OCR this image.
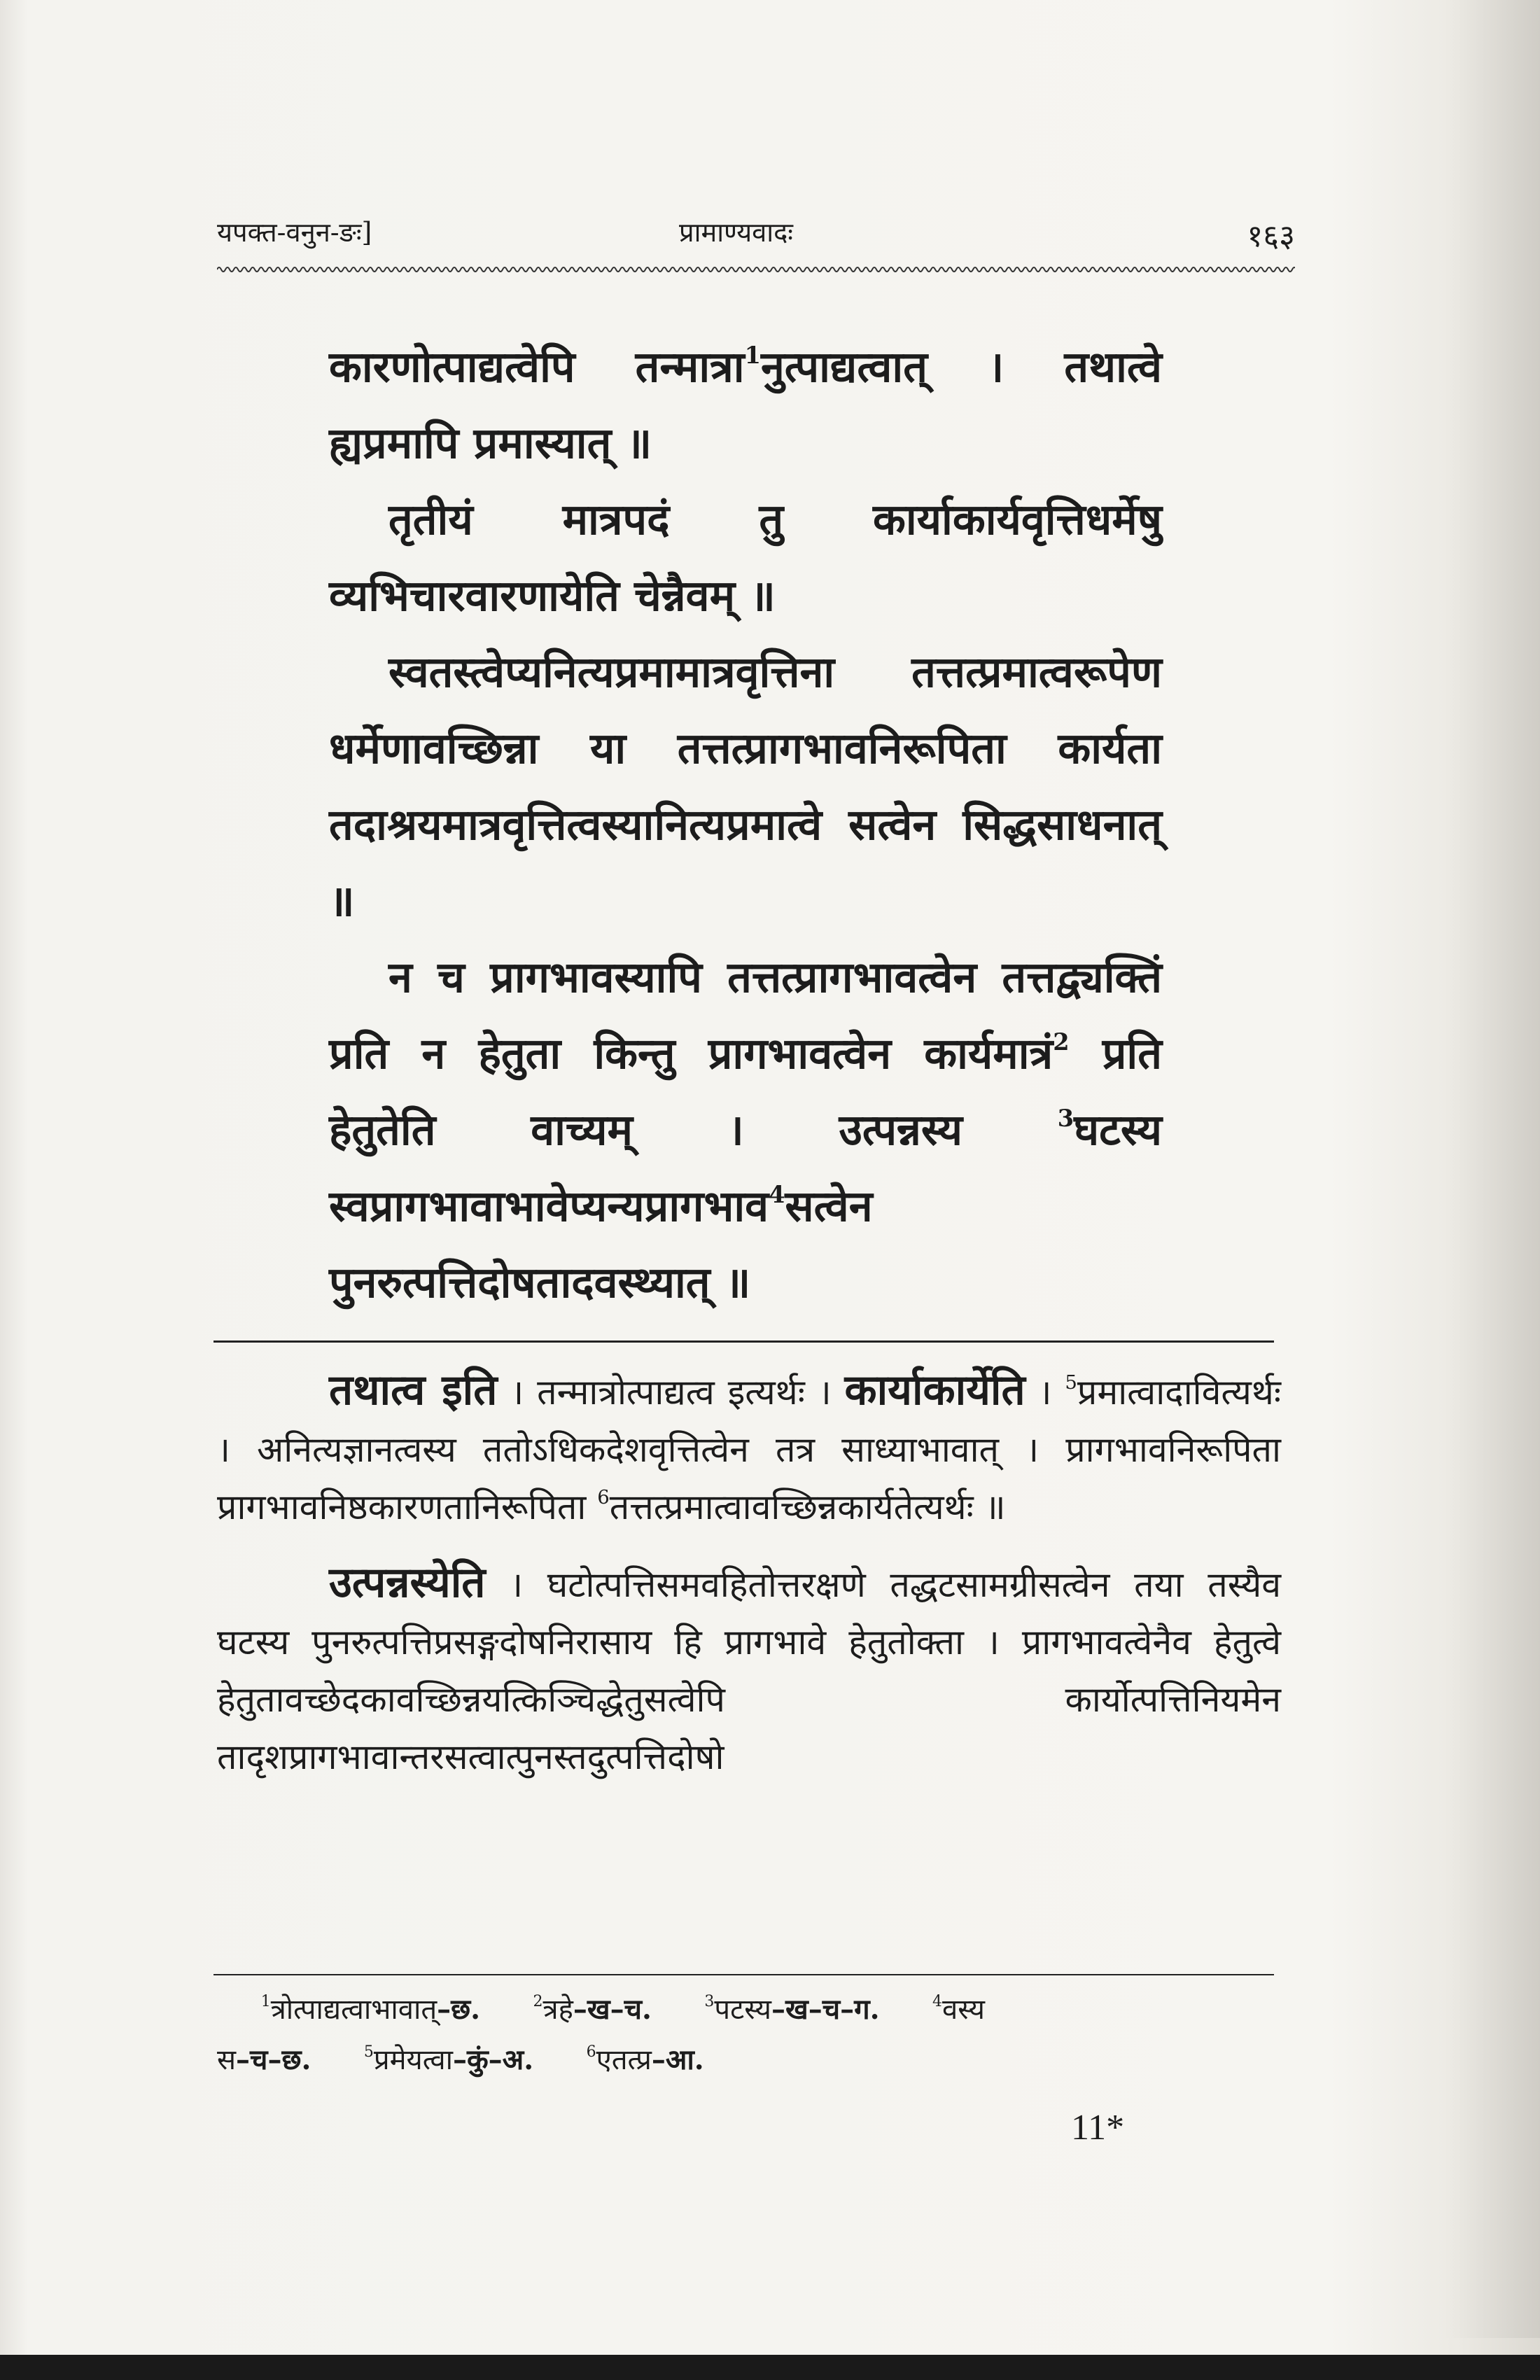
यपक्त-वनुन-ङः]	प्रामाण्यवादः	१६३

कारणोत्पाद्यत्वेपि तन्मात्रा$^1$नुत्पाद्यत्वात् । तथात्वे ह्यप्रमापि प्रमास्यात् ॥

तृतीयं मात्रपदं तु कार्याकार्यवृत्तिधर्मेषु व्यभिचारवारणायेति चेन्नैवम् ॥

स्वतस्त्वेप्यनित्यप्रमामात्रवृत्तिना तत्तत्प्रमात्वरूपेण धर्मेणावच्छिन्ना या तत्तत्प्रागभावनिरूपिता कार्यता तदाश्रयमात्रवृत्तित्वस्यानित्यप्रमात्वे सत्वेन सिद्धसाधनात् ॥

न च प्रागभावस्यापि तत्तत्प्रागभावत्वेन तत्तद्व्यक्तिं प्रति न हेतुता किन्तु प्रागभावत्वेन कार्यमात्रं$^2$ प्रति हेतुतेति वाच्यम् । उत्पन्नस्य $^3$घटस्य स्वप्रागभावाभावेप्यन्यप्रागभाव$^4$सत्वेन पुनरुत्पत्तिदोषतादवस्थ्यात् ॥

तथात्व इति । तन्मात्रोत्पाद्यत्व इत्यर्थः । कार्याकार्येति । $^5$प्रमात्वादावित्यर्थः । अनित्यज्ञानत्वस्य ततोऽधिकदेशवृत्तित्वेन तत्र साध्याभावात् । प्रागभावनिरूपिता प्रागभावनिष्ठकारणतानिरूपिता $^6$तत्तत्प्रमात्वावच्छिन्नकार्यतेत्यर्थः ॥

उत्पन्नस्येति । घटोत्पत्तिसमवहितोत्तरक्षणे तद्धटसामग्रीसत्वेन तया तस्यैव घटस्य पुनरुत्पत्तिप्रसङ्गदोषनिरासाय हि प्रागभावे हेतुतोक्ता । प्रागभावत्वेनैव हेतुत्वे हेतुतावच्छेदकावच्छिन्नयत्किञ्चिद्धेतुसत्वेपि कार्योत्पत्तिनियमेन तादृशप्रागभावान्तरसत्वात्पुनस्तदुत्पत्तिदोषो

$^1$त्रोत्पाद्यत्वाभावात्–छ.	$^2$त्रहे–ख–च.	$^3$पटस्य–ख–च–ग.	$^4$वस्य

स–च–छ.	$^5$प्रमेयत्वा–कुं–अ.	$^6$एतत्प्र–आ.

11*
